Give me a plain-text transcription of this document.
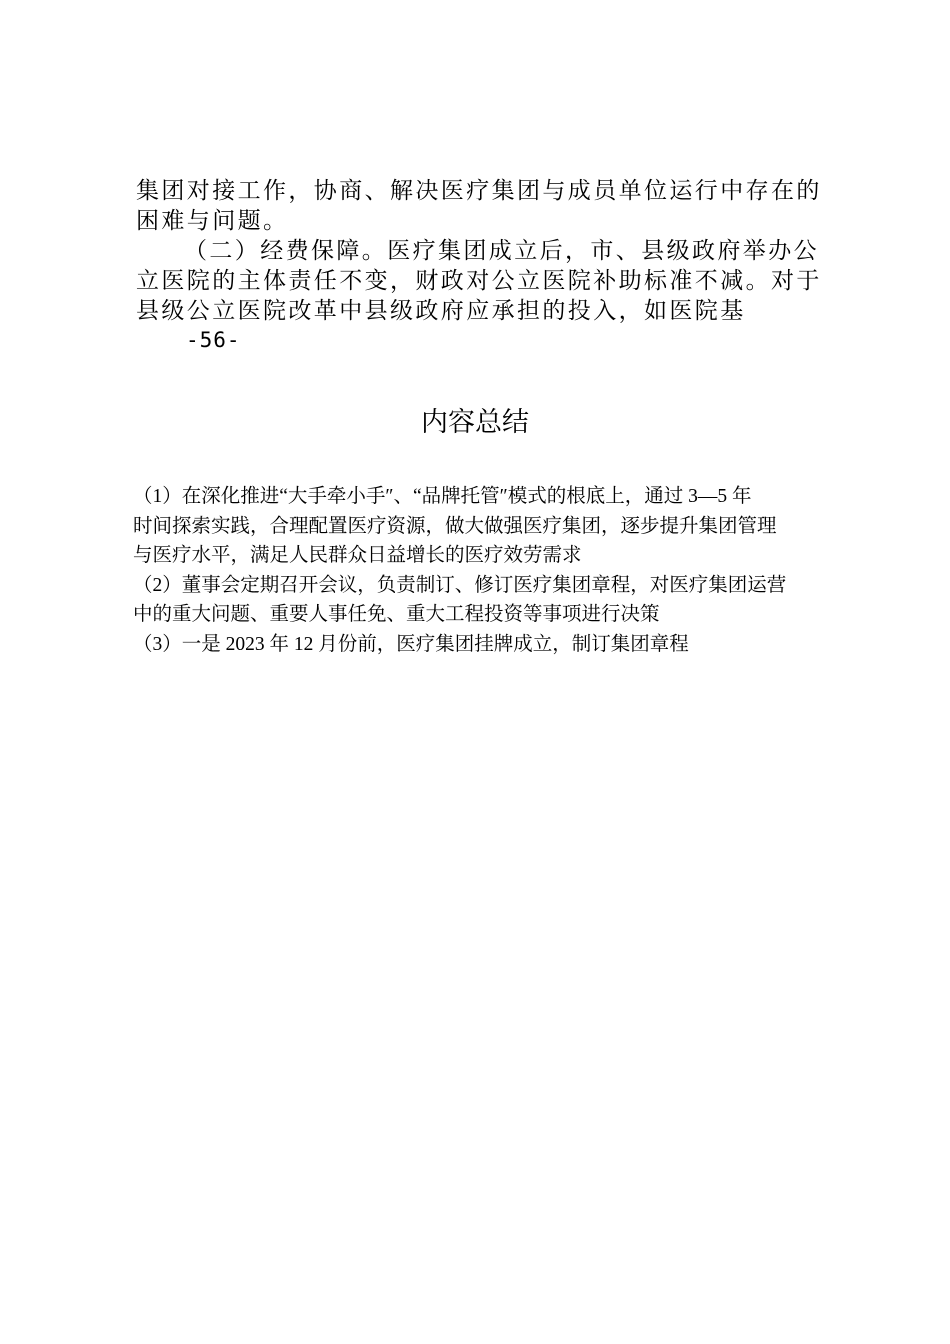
集团对接工作，协商、解决医疗集团与成员单位运行中存在的
困难与问题。
（二）经费保障。医疗集团成立后，市、县级政府举办公
立医院的主体责任不变，财政对公立医院补助标准不减。对于
县级公立医院改革中县级政府应承担的投入，如医院基

-56-

内容总结
（1）在深化推进“大手牵小手″、“品牌托管″模式的根底上，通过 3—5 年
时间探索实践，合理配置医疗资源，做大做强医疗集团，逐步提升集团管理
与医疗水平，满足人民群众日益增长的医疗效劳需求
（2）董事会定期召开会议，负责制订、修订医疗集团章程，对医疗集团运营
中的重大问题、重要人事任免、重大工程投资等事项进行决策
（3）一是 2023 年 12 月份前，医疗集团挂牌成立，制订集团章程
